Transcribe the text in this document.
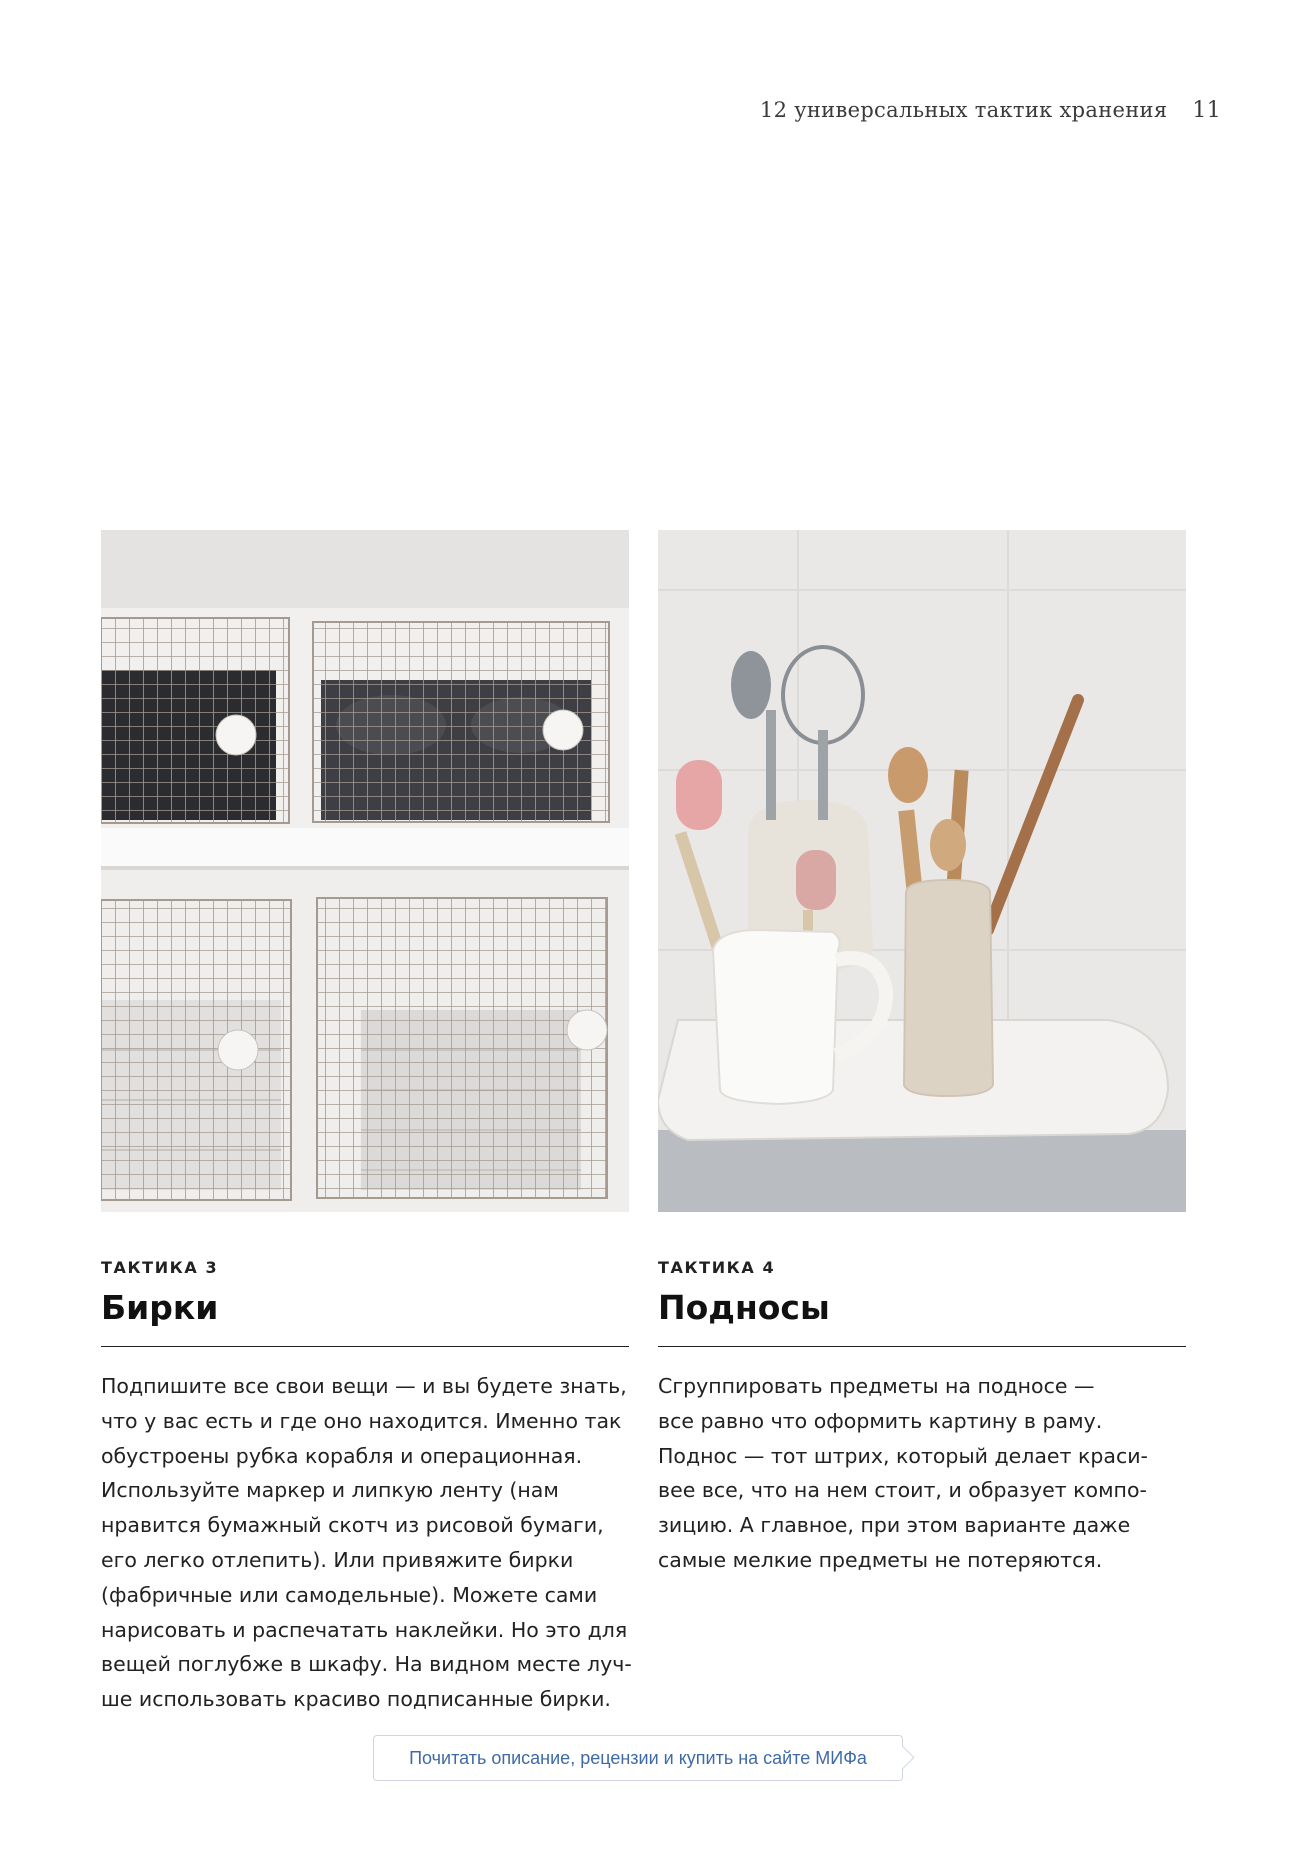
12 универсальных тактик хранения 11

ТАКТИКА 3

Бирки
Подпишите все свои вещи — и вы будете знать,
что у вас есть и где оно находится. Именно так
обустроены рубка корабля и операционная.
Используйте маркер и липкую ленту (нам
нравится бумажный скотч из рисовой бумаги,
его легко отлепить). Или привяжите бирки
(фабричные или самодельные). Можете сами
нарисовать и распечатать наклейки. Но это для
вещей поглубже в шкафу. На видном месте луч-
ше использовать красиво подписанные бирки.

ТАКТИКА 4

Подносы
Сгруппировать предметы на подносе —
все равно что оформить картину в раму.
Поднос — тот штрих, который делает краси-
вее все, что на нем стоит, и образует компо-
зицию. А главное, при этом варианте даже
самые мелкие предметы не потеряются.
Почитать описание, рецензии и купить на сайте МИФа
